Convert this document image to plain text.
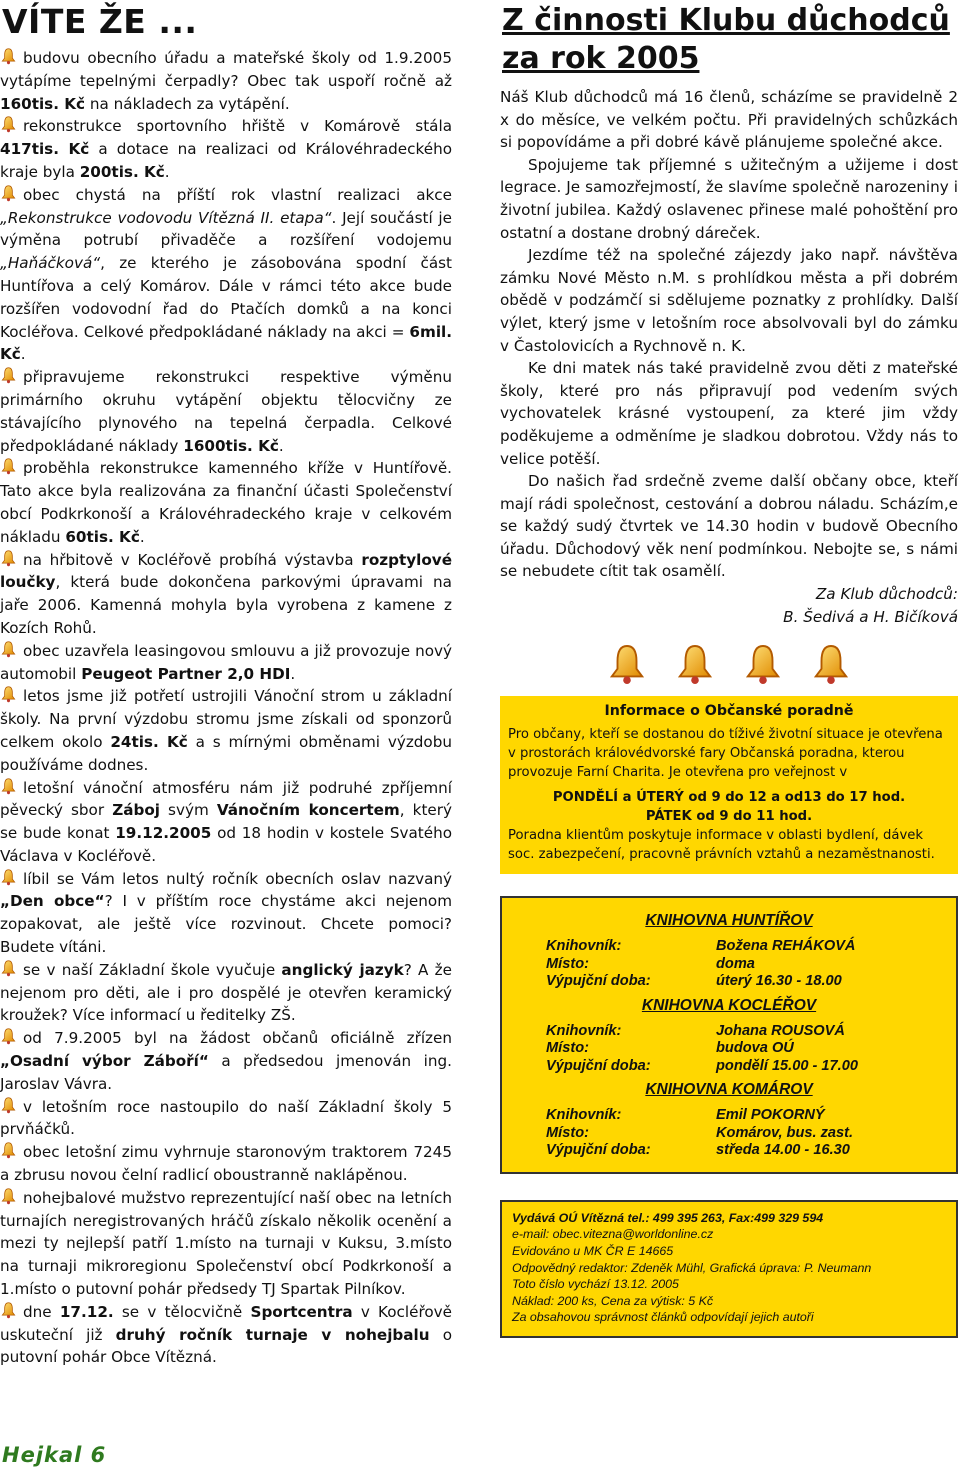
VÍTE ŽE ...

budovu obecního úřadu a mateřské školy od 1.9.2005 vytápíme tepelnými čerpadly? Obec tak uspoří ročně až 160tis. Kč na nákladech za vytápění.

rekonstrukce sportovního hřiště v Komárově stála 417tis. Kč a dotace na realizaci od Královéhradeckého kraje byla 200tis. Kč.

obec chystá na příští rok vlastní realizaci akce „Rekonstrukce vodovodu Vítězná II. etapa“. Její součástí je výměna potrubí přivaděče a rozšíření vodojemu „Haňáčková“, ze kterého je zásobována spodní část Huntířova a celý Komárov. Dále v rámci této akce bude rozšířen vodovodní řad do Ptačích domků a na konci Kocléřova. Celkové předpokládané náklady na akci = 6mil. Kč.

připravujeme rekonstrukci respektive výměnu primárního okruhu vytápění objektu tělocvičny ze stávajícího plynového na tepelná čerpadla. Celkové předpokládané náklady 1600tis. Kč.

proběhla rekonstrukce kamenného kříže v Huntířově. Tato akce byla realizována za finanční účasti Společenství obcí Podkrkonoší a Královéhradeckého kraje v celkovém nákladu 60tis. Kč.

na hřbitově v Kocléřově probíhá výstavba rozptylové loučky, která bude dokončena parkovými úpravami na jaře 2006. Kamenná mohyla byla vyrobena z kamene z Kozích Rohů.

obec uzavřela leasingovou smlouvu a již provozuje nový automobil Peugeot Partner 2,0 HDI.

letos jsme již potřetí ustrojili Vánoční strom u základní školy. Na první výzdobu stromu jsme získali od sponzorů celkem okolo 24tis. Kč a s mírnými obměnami výzdobu používáme dodnes.

letošní vánoční atmosféru nám již podruhé zpříjemní pěvecký sbor Záboj svým Vánočním koncertem, který se bude konat 19.12.2005 od 18 hodin v kostele Svatého Václava v Kocléřově.

líbil se Vám letos nultý ročník obecních oslav nazvaný „Den obce“? I v příštím roce chystáme akci nejenom zopakovat, ale ještě více rozvinout. Chcete pomoci? Budete vítáni.

se v naší Základní škole vyučuje anglický jazyk? A že nejenom pro děti, ale i pro dospělé je otevřen keramický kroužek? Více informací u ředitelky ZŠ.

od 7.9.2005 byl na žádost občanů oficiálně zřízen „Osadní výbor Záboří“ a předsedou jmenován ing. Jaroslav Vávra.

v letošním roce nastoupilo do naší Základní školy 5 prvňáčků.

obec letošní zimu vyhrnuje staronovým traktorem 7245 a zbrusu novou čelní radlicí oboustranně naklápěnou.

nohejbalové mužstvo reprezentující naší obec na letních turnajích neregistrovaných hráčů získalo několik ocenění a mezi ty nejlepší patří 1.místo na turnaji v Kuksu, 3.místo na turnaji mikroregionu Společenství obcí Podkrkonoší a 1.místo o putovní pohár předsedy TJ Spartak Pilníkov.

dne 17.12. se v tělocvičně Sportcentra v Kocléřově uskuteční již druhý ročník turnaje v nohejbalu o putovní pohár Obce Vítězná.

Z činnosti Klubu důchodců za rok 2005

Náš Klub důchodců má 16 členů, scházíme se pravidelně 2 x do měsíce, ve velkém počtu. Při pravidelných schůzkách si popovídáme a při dobré kávě plánujeme společné akce.

Spojujeme tak příjemné s užitečným a užijeme i dost legrace. Je samozřejmostí, že slavíme společně narozeniny i životní jubilea. Každý oslavenec přinese malé pohoštění pro ostatní a dostane drobný dáreček.

Jezdíme též na společné zájezdy jako např. návštěva zámku Nové Město n.M. s prohlídkou města a při dobrém obědě v podzámčí si sdělujeme poznatky z prohlídky. Další výlet, který jsme v letošním roce absolvovali byl do zámku v Častolovicích a Rychnově n. K.

Ke dni matek nás také pravidelně zvou děti z mateřské školy, které pro nás připravují pod vedením svých vychovatelek krásné vystoupení, za které jim vždy poděkujeme a odměníme je sladkou dobrotou. Vždy nás to velice potěší.

Do našich řad srdečně zveme další občany obce, kteří mají rádi společnost, cestování a dobrou náladu. Scházím,e se každý sudý čtvrtek ve 14.30 hodin v budově Obecního úřadu. Důchodový věk není podmínkou. Nebojte se, s námi se nebudete cítit tak osamělí.

Za Klub důchodců:

B. Šedivá a H. Bičíková

Informace o Občanské poradně

Pro občany, kteří se dostanou do tíživé životní situace je otevřena v prostorách královédvorské fary Občanská poradna, kterou provozuje Farní Charita. Je otevřena pro veřejnost v

PONDĚLÍ a ÚTERÝ od 9 do 12 a od13 do 17 hod.

PÁTEK od 9 do 11 hod.

Poradna klientům poskytuje informace v oblasti bydlení, dávek soc. zabezpečení, pracovně právních vztahů a nezaměstnanosti.

KNIHOVNA HUNTÍŘOV
Knihovník:	Božena REHÁKOVÁ
Místo:	doma
Výpujční doba:	úterý 16.30 - 18.00
KNIHOVNA KOCLÉŘOV
Knihovník:	Johana ROUSOVÁ
Místo:	budova OÚ
Výpujční doba:	pondělí 15.00 - 17.00
KNIHOVNA KOMÁROV
Knihovník:	Emil POKORNÝ
Místo:	Komárov, bus. zast.
Výpujční doba:	středa 14.00 - 16.30

Vydává OÚ Vítězná tel.: 499 395 263, Fax:499 329 594

e-mail: obec.vitezna@worldonline.cz

Evidováno u MK ČR E 14665

Odpovědný redaktor: Zdeněk Mühl, Grafická úprava: P. Neumann

Toto číslo vychází 13.12. 2005

Náklad: 200 ks, Cena za výtisk: 5 Kč

Za obsahovou správnost článků odpovídají jejich autoři

Hejkal 6
